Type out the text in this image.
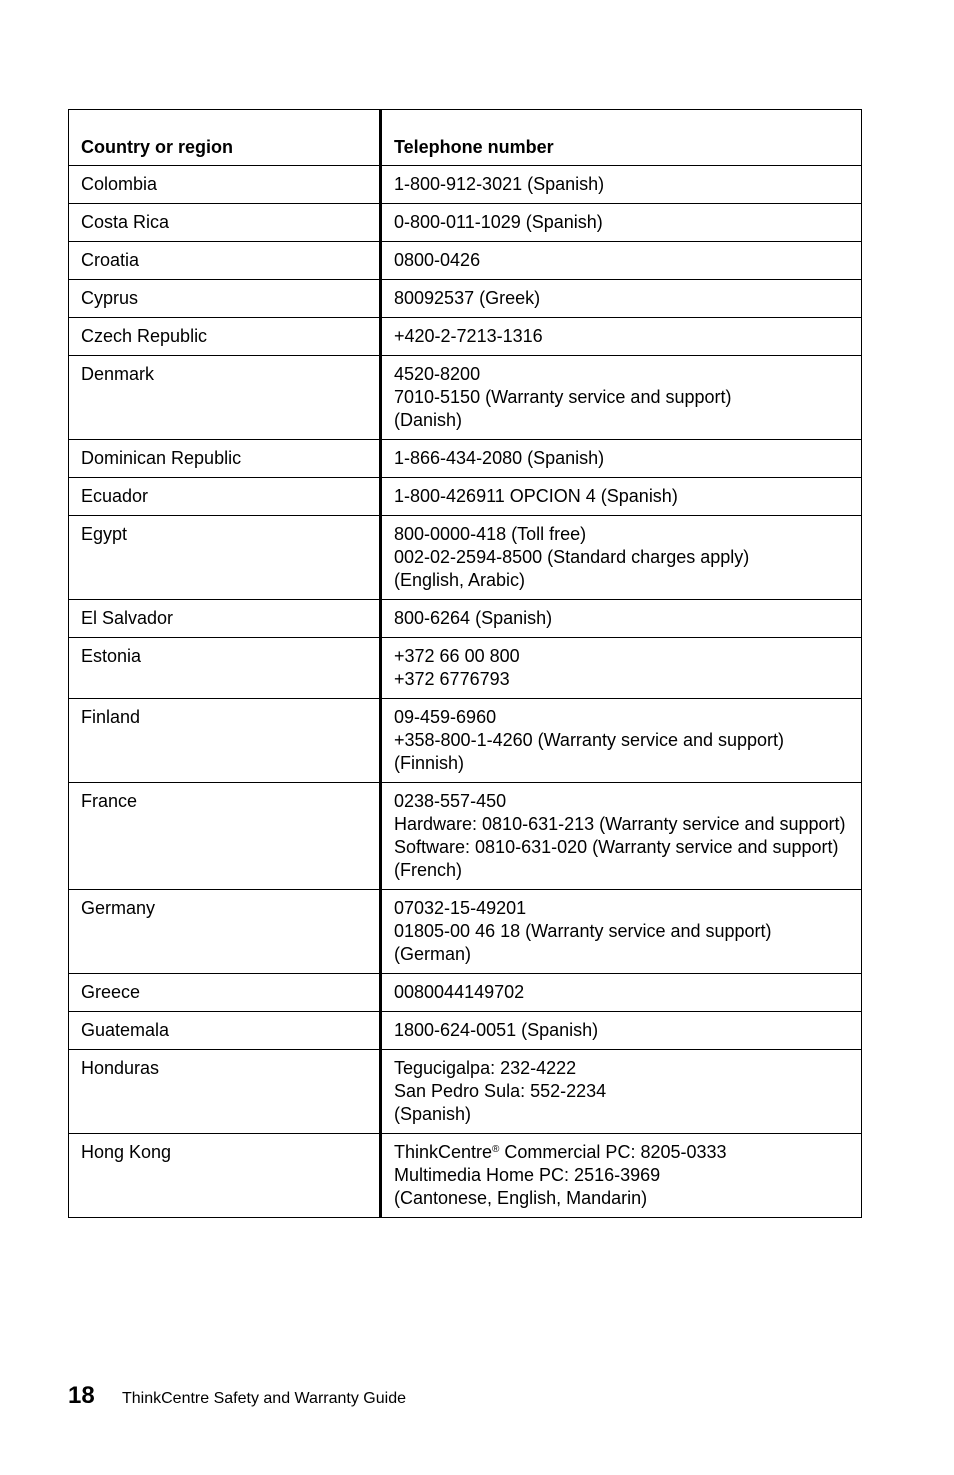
Country or region	Telephone number
Colombia	1-800-912-3021 (Spanish)

Costa Rica	0-800-011-1029 (Spanish)

Croatia	0800-0426

Cyprus	80092537 (Greek)

Czech Republic	+420-2-7213-1316

Denmark	4520-8200
7010-5150 (Warranty service and support)
(Danish)

Dominican Republic	1-866-434-2080 (Spanish)

Ecuador	1-800-426911 OPCION 4 (Spanish)

Egypt	800-0000-418 (Toll free)
002-02-2594-8500 (Standard charges apply)
(English, Arabic)

El Salvador	800-6264 (Spanish)

Estonia	+372 66 00 800
+372 6776793

Finland	09-459-6960
+358-800-1-4260 (Warranty service and support)
(Finnish)

France	0238-557-450
Hardware: 0810-631-213 (Warranty service and support)
Software: 0810-631-020 (Warranty service and support)
(French)

Germany	07032-15-49201
01805-00 46 18 (Warranty service and support)
(German)

Greece	0080044149702

Guatemala	1800-624-0051 (Spanish)

Honduras	Tegucigalpa: 232-4222
San Pedro Sula: 552-2234
(Spanish)

Hong Kong	ThinkCentre® Commercial PC: 8205-0333
Multimedia Home PC: 2516-3969
(Cantonese, English, Mandarin)
18	ThinkCentre Safety and Warranty Guide
